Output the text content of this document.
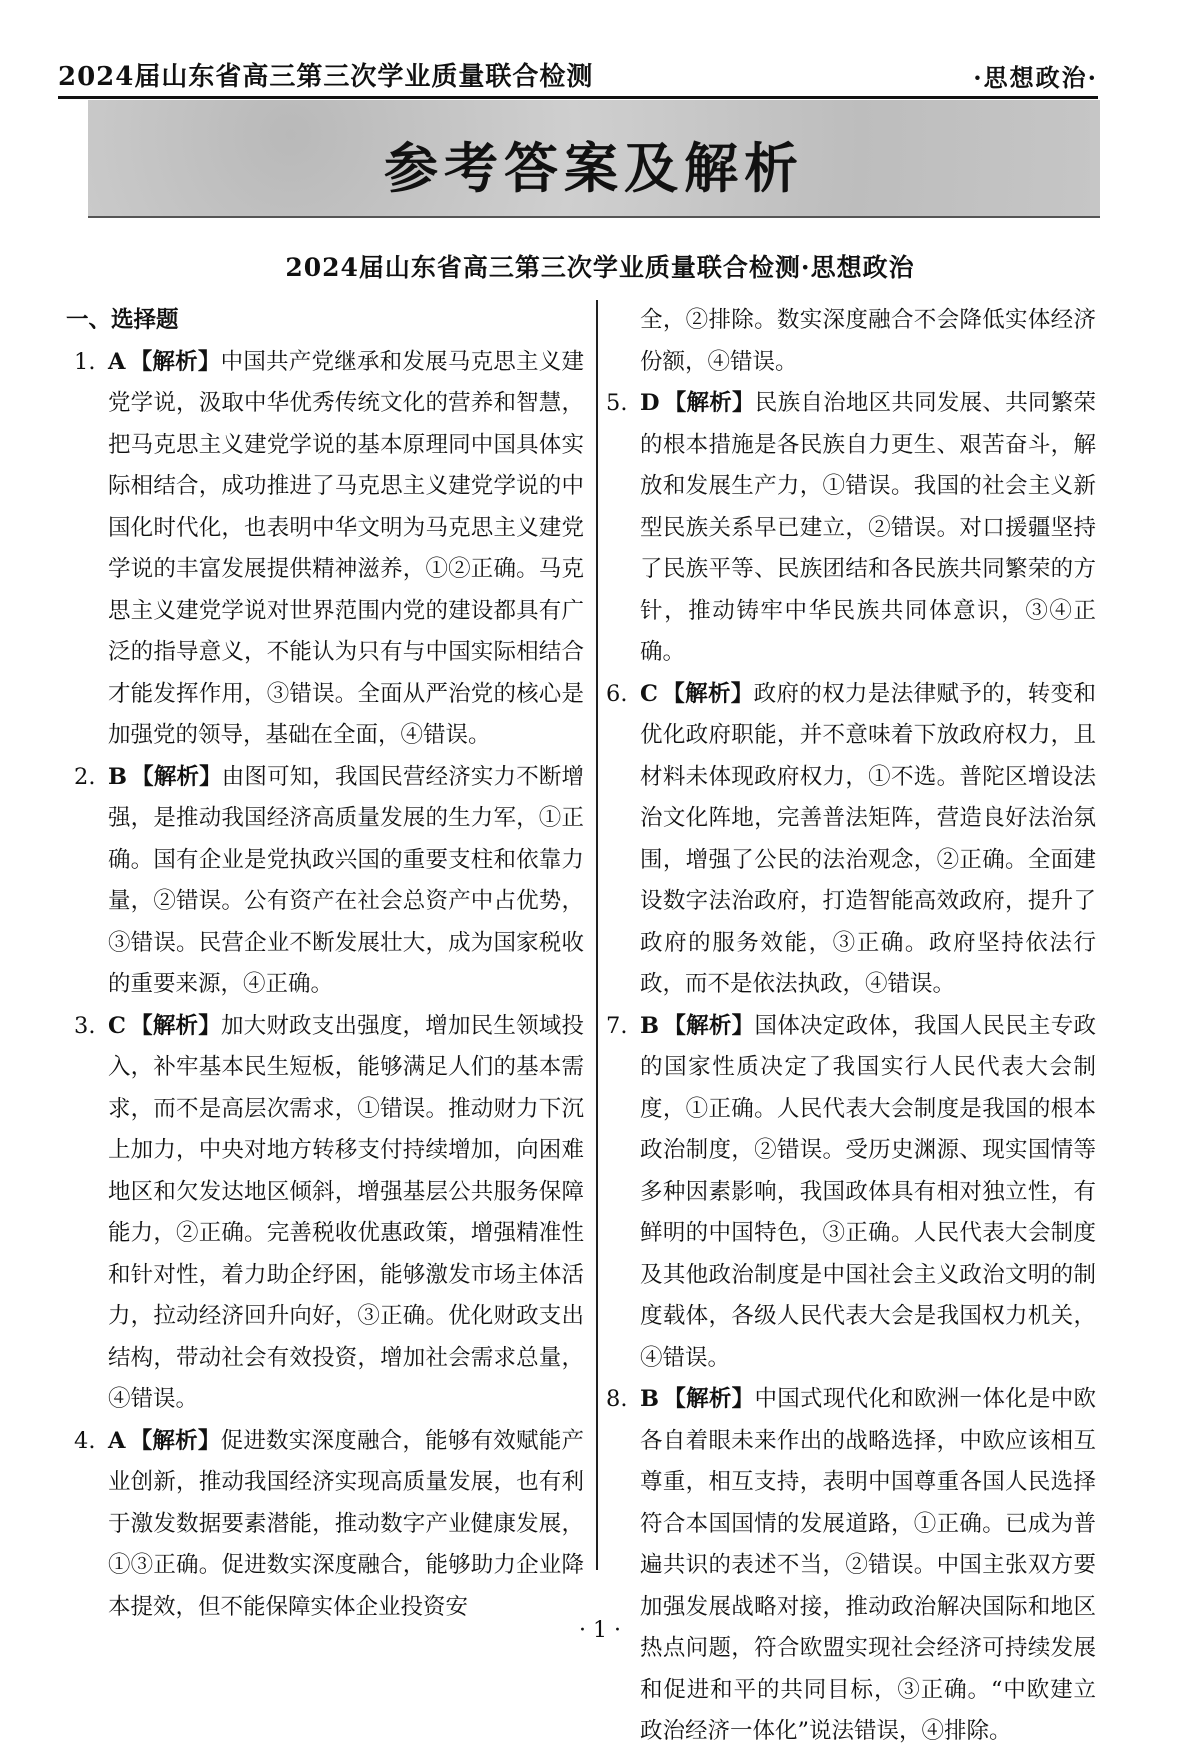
2024届山东省高三第三次学业质量联合检测	·思想政治·
参考答案及解析
2024届山东省高三第三次学业质量联合检测·思想政治

一、选择题

1. A 【解析】中国共产党继承和发展马克思主义建党学说，汲取中华优秀传统文化的营养和智慧，把马克思主义建党学说的基本原理同中国具体实际相结合，成功推进了马克思主义建党学说的中国化时代化，也表明中华文明为马克思主义建党学说的丰富发展提供精神滋养，①②正确。马克思主义建党学说对世界范围内党的建设都具有广泛的指导意义，不能认为只有与中国实际相结合才能发挥作用，③错误。全面从严治党的核心是加强党的领导，基础在全面，④错误。

2. B 【解析】由图可知，我国民营经济实力不断增强，是推动我国经济高质量发展的生力军，①正确。国有企业是党执政兴国的重要支柱和依靠力量，②错误。公有资产在社会总资产中占优势，③错误。民营企业不断发展壮大，成为国家税收的重要来源，④正确。

3. C 【解析】加大财政支出强度，增加民生领域投入，补牢基本民生短板，能够满足人们的基本需求，而不是高层次需求，①错误。推动财力下沉上加力，中央对地方转移支付持续增加，向困难地区和欠发达地区倾斜，增强基层公共服务保障能力，②正确。完善税收优惠政策，增强精准性和针对性，着力助企纾困，能够激发市场主体活力，拉动经济回升向好，③正确。优化财政支出结构，带动社会有效投资，增加社会需求总量，④错误。

4. A 【解析】促进数实深度融合，能够有效赋能产业创新，推动我国经济实现高质量发展，也有利于激发数据要素潜能，推动数字产业健康发展，①③正确。促进数实深度融合，能够助力企业降本提效，但不能保障实体企业投资安

全，②排除。数实深度融合不会降低实体经济份额，④错误。

5. D 【解析】民族自治地区共同发展、共同繁荣的根本措施是各民族自力更生、艰苦奋斗，解放和发展生产力，①错误。我国的社会主义新型民族关系早已建立，②错误。对口援疆坚持了民族平等、民族团结和各民族共同繁荣的方针，推动铸牢中华民族共同体意识，③④正确。

6. C 【解析】政府的权力是法律赋予的，转变和优化政府职能，并不意味着下放政府权力，且材料未体现政府权力，①不选。普陀区增设法治文化阵地，完善普法矩阵，营造良好法治氛围，增强了公民的法治观念，②正确。全面建设数字法治政府，打造智能高效政府，提升了政府的服务效能，③正确。政府坚持依法行政，而不是依法执政，④错误。

7. B 【解析】国体决定政体，我国人民民主专政的国家性质决定了我国实行人民代表大会制度，①正确。人民代表大会制度是我国的根本政治制度，②错误。受历史渊源、现实国情等多种因素影响，我国政体具有相对独立性，有鲜明的中国特色，③正确。人民代表大会制度及其他政治制度是中国社会主义政治文明的制度载体，各级人民代表大会是我国权力机关，④错误。

8. B 【解析】中国式现代化和欧洲一体化是中欧各自着眼未来作出的战略选择，中欧应该相互尊重，相互支持，表明中国尊重各国人民选择符合本国国情的发展道路，①正确。已成为普遍共识的表述不当，②错误。中国主张双方要加强发展战略对接，推动政治解决国际和地区热点问题，符合欧盟实现社会经济可持续发展和促进和平的共同目标，③正确。“中欧建立政治经济一体化”说法错误，④排除。

· 1 ·
